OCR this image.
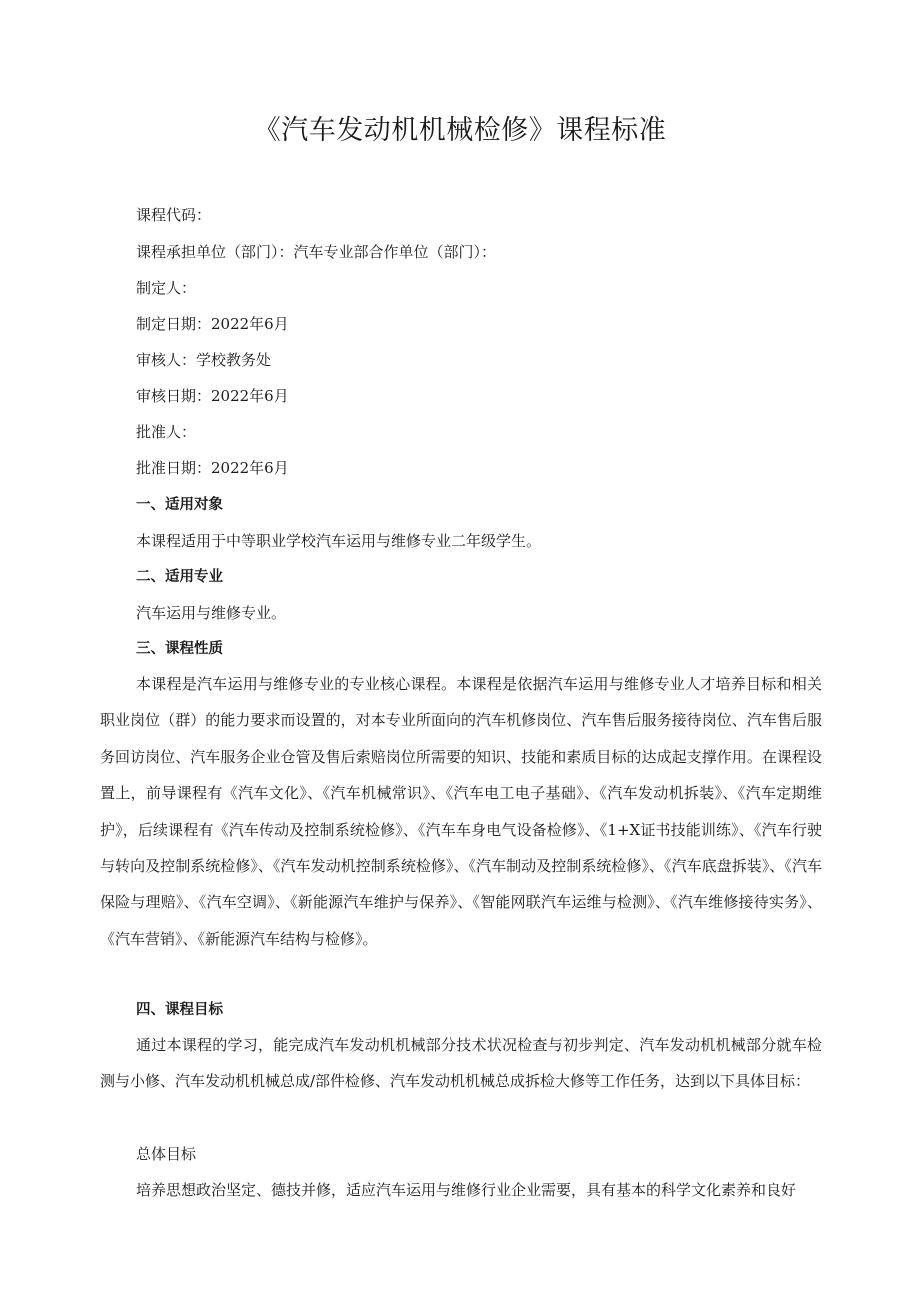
《汽车发动机机械检修》课程标准
课程代码：
课程承担单位（部门）：汽车专业部合作单位（部门）：
制定人：
制定日期：2022年6月
审核人：学校教务处
审核日期：2022年6月
批准人：
批准日期：2022年6月
一、适用对象
本课程适用于中等职业学校汽车运用与维修专业二年级学生。
二、适用专业
汽车运用与维修专业。
三、课程性质
本课程是汽车运用与维修专业的专业核心课程。本课程是依据汽车运用与维修专业人才培养目标和相关职业岗位（群）的能力要求而设置的，对本专业所面向的汽车机修岗位、汽车售后服务接待岗位、汽车售后服务回访岗位、汽车服务企业仓管及售后索赔岗位所需要的知识、技能和素质目标的达成起支撑作用。在课程设置上，前导课程有《汽车文化》、《汽车机械常识》、《汽车电工电子基础》、《汽车发动机拆装》、《汽车定期维护》，后续课程有《汽车传动及控制系统检修》、《汽车车身电气设备检修》、《1+X证书技能训练》、《汽车行驶与转向及控制系统检修》、《汽车发动机控制系统检修》、《汽车制动及控制系统检修》、《汽车底盘拆装》、《汽车保险与理赔》、《汽车空调》、《新能源汽车维护与保养》、《智能网联汽车运维与检测》、《汽车维修接待实务》、《汽车营销》、《新能源汽车结构与检修》。
四、课程目标
通过本课程的学习，能完成汽车发动机机械部分技术状况检查与初步判定、汽车发动机机械部分就车检测与小修、汽车发动机机械总成/部件检修、汽车发动机机械总成拆检大修等工作任务，达到以下具体目标：
总体目标
培养思想政治坚定、德技并修，适应汽车运用与维修行业企业需要，具有基本的科学文化素养和良好
